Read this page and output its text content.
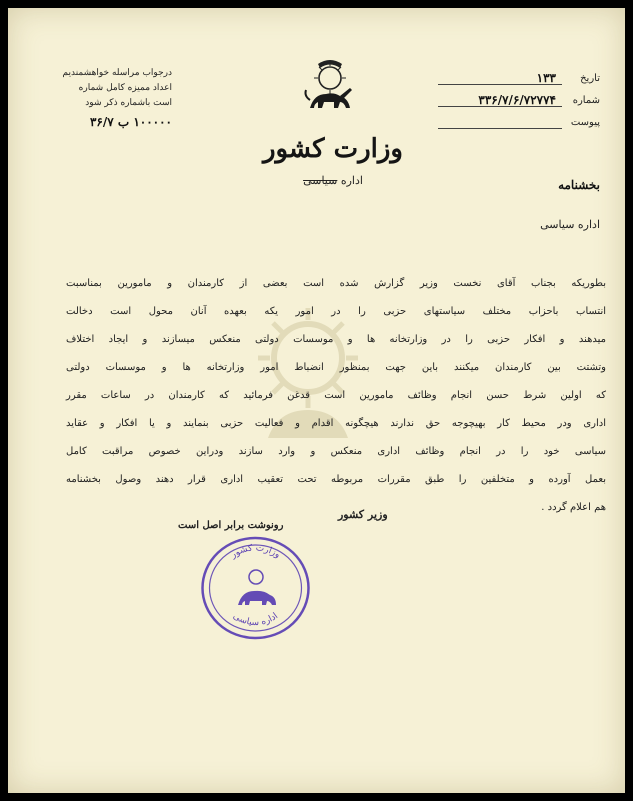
درجواب مراسله خواهشمندیم
اعداد ممیزه کامل شماره
است باشماره ذکر شود
۱۰۰۰۰۰ ب ۳۶/۷
وزارت کشور
اداره سیاسی
تاریخ
۱۳۳
شماره
۳۳۶/۷/۶/۷۲۷۷۴
پیوست
بخشنامه
اداره سیاسی
بطوریکه بجناب آقای نخست وزیر گزارش شده است بعضی از کارمندان و مامورین بمناسبت
انتساب باحزاب مختلف سیاستهای حزبی را در امور یکه بعهده آنان محول است دخالت
میدهند و افکار حزبی را در وزارتخانه ها و موسسات دولتی منعکس میسازند و ایجاد اختلاف
وتشتت بین کارمندان میکنند باین جهت بمنظور انضباط امور وزارتخانه ها و موسسات دولتی
که اولین شرط حسن انجام وظائف مامورین است قدغن فرمائید که کارمندان در ساعات مقرر
اداری ودر محیط کار بهیچوجه حق ندارند هیچگونه اقدام و فعالیت حزبی بنمایند و یا افکار و عقاید
سیاسی خود را در انجام وظائف اداری منعکس و وارد سازند ودراین خصوص مراقبت کامل
بعمل آورده و متخلفین را طبق مقررات مربوطه تحت تعقیب اداری قرار دهند وصول بخشنامه
هم اعلام گردد .
وزیر کشور
رونوشت برابر اصل است
وزارت کشور
اداره سیاسی
